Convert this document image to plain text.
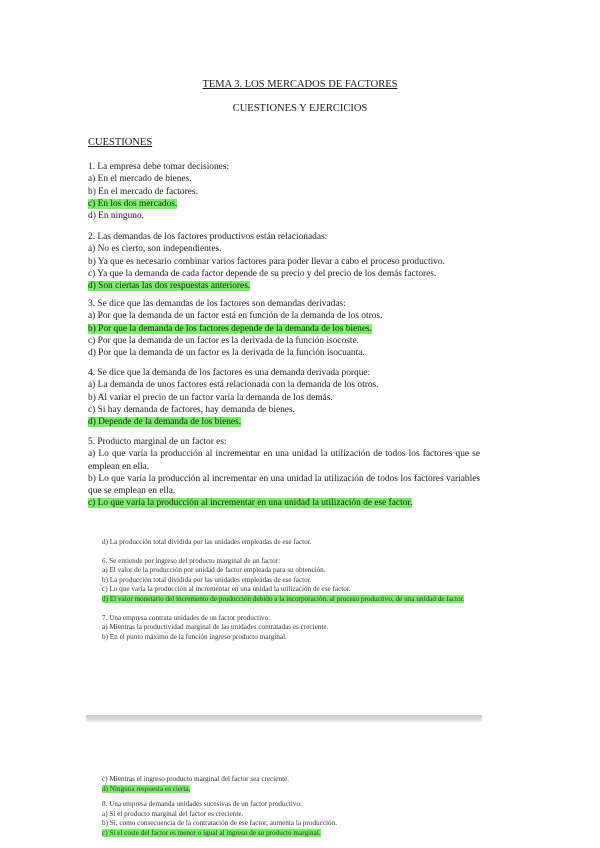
TEMA 3. LOS MERCADOS DE FACTORES
CUESTIONES Y EJERCICIOS
CUESTIONES
1. La empresa debe tomar decisiones:
a) En el mercado de bienes.
b) En el mercado de factores.
c) En los dos mercados.
d) En ninguno.
2. Las demandas de los factores productivos están relacionadas:
a) No es cierto, son independientes.
b) Ya que es necesario combinar varios factores para poder llevar a cabo el proceso productivo.
c) Ya que la demanda de cada factor depende de su precio y del precio de los demás factores.
d) Son ciertas las dos respuestas anteriores.
3. Se dice que las demandas de los factores son demandas derivadas:
a) Por que la demanda de un factor está en función de la demanda de los otros.
b) Por que la demanda de los factores depende de la demanda de los bienes.
c) Por que la demanda de un factor es la derivada de la función isocoste.
d) Por que la demanda de un factor es la derivada de la función isocuanta.
4. Se dice que la demanda de los factores es una demanda derivada porque:
a) La demanda de unos factores está relacionada con la demanda de los otros.
b) Al variar el precio de un factor varía la demanda de los demás.
c) Si hay demanda de factores, hay demanda de bienes.
d) Depende de la demanda de los bienes.
5. Producto marginal de un factor es:
a) Lo que varía la producción al incrementar en una unidad la utilización de todos los factores que se emplean en ella.
b) Lo que varía la producción al incrementar en una unidad la utilización de todos los factores variables que se emplean en ella.
c) Lo que varía la producción al incrementar en una unidad la utilización de ese factor.
d) La producción total dividida por las unidades empleadas de ese factor.
6. Se entiende por ingreso del producto marginal de un factor:
a) El valor de la producción por unidad de factor empleada para su obtención.
b) La producción total dividida por las unidades empleadas de ese factor.
c) Lo que varía la producción al incrementar en una unidad la utilización de ese factor.
d) El valor monetario del incremento de producción debido a la incorporación, al proceso productivo, de una unidad de factor.
7. Una empresa contrata unidades de un factor productivo:
a) Mientras la productividad marginal de las unidades contratadas es creciente.
b) En el punto máximo de la función ingreso producto marginal.
c) Mientras el ingreso producto marginal del factor sea creciente.
d) Ninguna respuesta es cierta.
8. Una empresa demanda unidades sucesivas de un factor productivo:
a) Si el producto marginal del factor es creciente.
b) Si, como consecuencia de la contratación de ese factor, aumenta la producción.
c) Si el coste del factor es menor o igual al ingreso de su producto marginal.
